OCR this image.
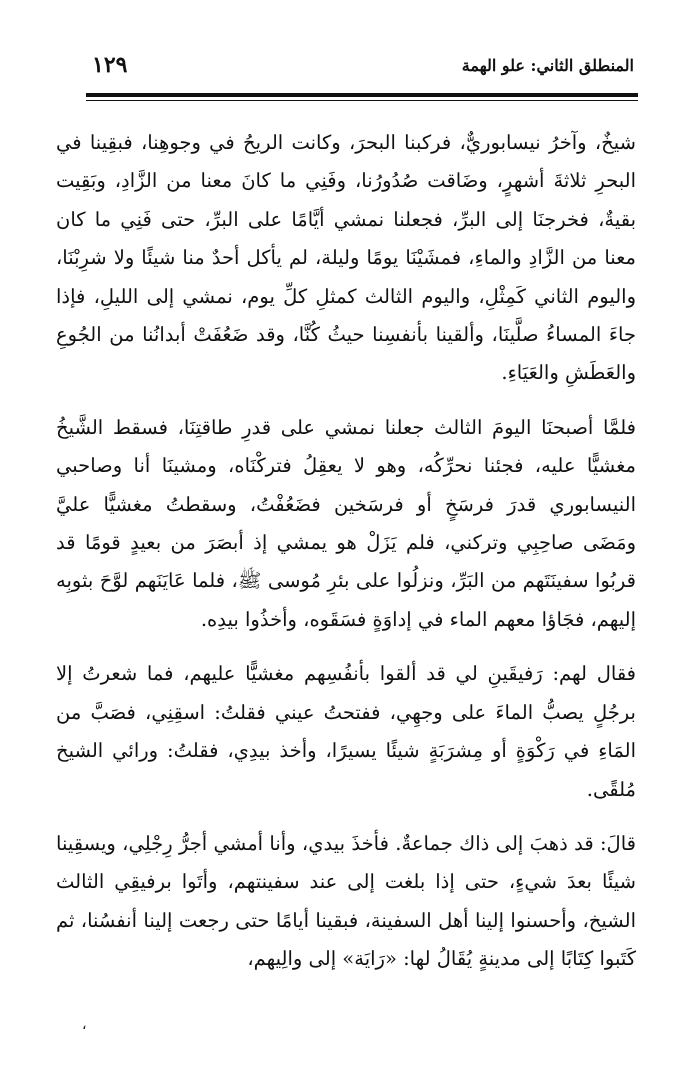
المنطلق الثاني: علو الهمة
١٢٩

شيخٌ، وآخرُ نيسابوريٌّ، فركبنا البحرَ، وكانت الريحُ في وجوهِنا، فبقِينا في البحرِ ثلاثةَ أشهرٍ، وضَاقت صُدُورُنا، وفَنِي ما كانَ معنا من الزَّادِ، وبَقِيت بقيةٌ، فخرجنَا إلى البرِّ، فجعلنا نمشي أيَّامًا على البرِّ، حتى فَنِي ما كان معنا من الزَّادِ والماءِ، فمشَيْنَا يومًا وليلة، لم يأكل أحدٌ منا شيئًا ولا شرِبْنَا، واليوم الثاني كَمِثْلِ، واليوم الثالث كمثلِ كلِّ يوم، نمشي إلى الليلِ، فإذا جاءَ المساءُ صلَّينَا، وألقينا بأنفسِنا حيثُ كُنَّا، وقد ضَعُفَتْ أبدانُنا من الجُوعِ والعَطَشِ والعَيَاءِ.

فلمَّا أصبحنَا اليومَ الثالث جعلنا نمشي على قدرِ طاقتِنَا، فسقط الشَّيخُ مغشيًّا عليه، فجئنا نحرِّكُه، وهو لا يعقِلُ فتركْنَاه، ومشينَا أنا وصاحبي النيسابوري قدرَ فرسَخٍ أو فرسَخين فضَعُفْتُ، وسقطتُ مغشيًّا عليَّ ومَضَى صاحِبِي وتركني، فلم يَزَلْ هو يمشي إذ أبصَرَ من بعيدٍ قومًا قد قربُوا سفينَتَهم من البَرِّ، ونزلُوا على بئرِ مُوسى ﷺ، فلما عَايَنَهم لوَّحَ بثوبِه إليهم، فجَاؤا معهم الماء في إداوَةٍ فسَقَوه، وأخذُوا بيدِه.

فقال لهم: رَفيقَينِ لي قد ألقوا بأنفُسِهم مغشيًّا عليهم، فما شعرتُ إلا برجُلٍ يصبُّ الماءَ على وجهِي، ففتحتُ عيني فقلتُ: اسقِنِي، فصَبَّ من المَاءِ في رَكْوَةٍ أو مِشرَبَةٍ شيئًا يسيرًا، وأخذ بيدِي، فقلتُ: ورائي الشيخ مُلقًى.

قالَ: قد ذهبَ إلى ذاك جماعةٌ. فأخذَ بيدي، وأنا أمشي أجرُّ رِجْلِي، ويسقِينا شيئًا بعدَ شيءٍ، حتى إذا بلغت إلى عند سفينتهم، وأتَوا برفيقِي الثالث الشيخ، وأحسنوا إلينا أهل السفينة، فبقينا أيامًا حتى رجعت إلينا أنفسُنا، ثم كَتَبوا كِتَابًا إلى مدينةٍ يُقَالُ لها: «رَايَة» إلى والِيهم،

،
